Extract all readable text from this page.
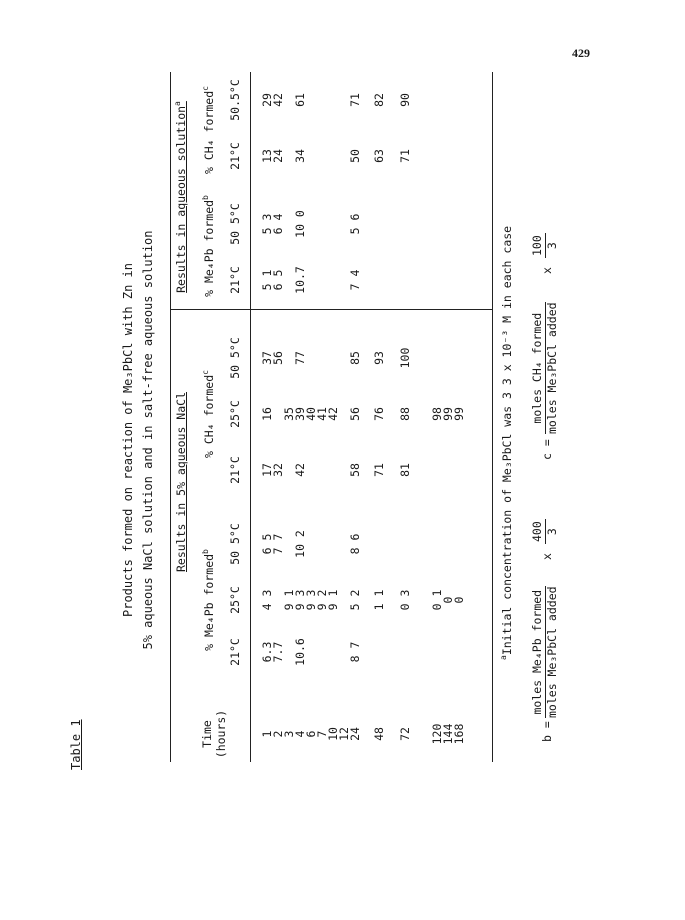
429
Table 1
Products formed on reaction of Me₃PbCl with Zn in 5% aqueous NaCl solution and in salt-free aqueous solution Results in 5% aqueous NaCl
Results in aqueous solution$^a$
Time (hours)
% Me₄Pb formed$^b$
% CH₄ formed$^c$
% Me₄Pb formed$^b$
% CH₄ formed$^c$
21°C
25°C
50 5°C
21°C
25°C
50 5°C
21°C
50 5°C
21°C
50.5°C
1
6.3
4 3
6 5
17
16
37
5 1
5 3
13
29
2
7.7
7 7
32
56
6 5
6 4
24
42
3
9 1
35
4
10.6
9 3
10 2
42
39
77
10.7
10 0
34
61
6
9 3
40
7
9 2
41
10
9 1
42
12
24
8 7
5 2
8 6
58
56
85
7 4
5 6
50
71
48
1 1
71
76
93
63
82
72
0 3
81
88
100
71
90
120
0 1
98
144
0
99
168
0
99
$^a$Initial concentration of Me₃PbCl was 3 3 x 10⁻³ M in each case
b =
moles Me₄Pb formed moles Me₃PbCl added
x
400 3
c =
moles CH₄ formed moles Me₃PbCl added
x
100 3
